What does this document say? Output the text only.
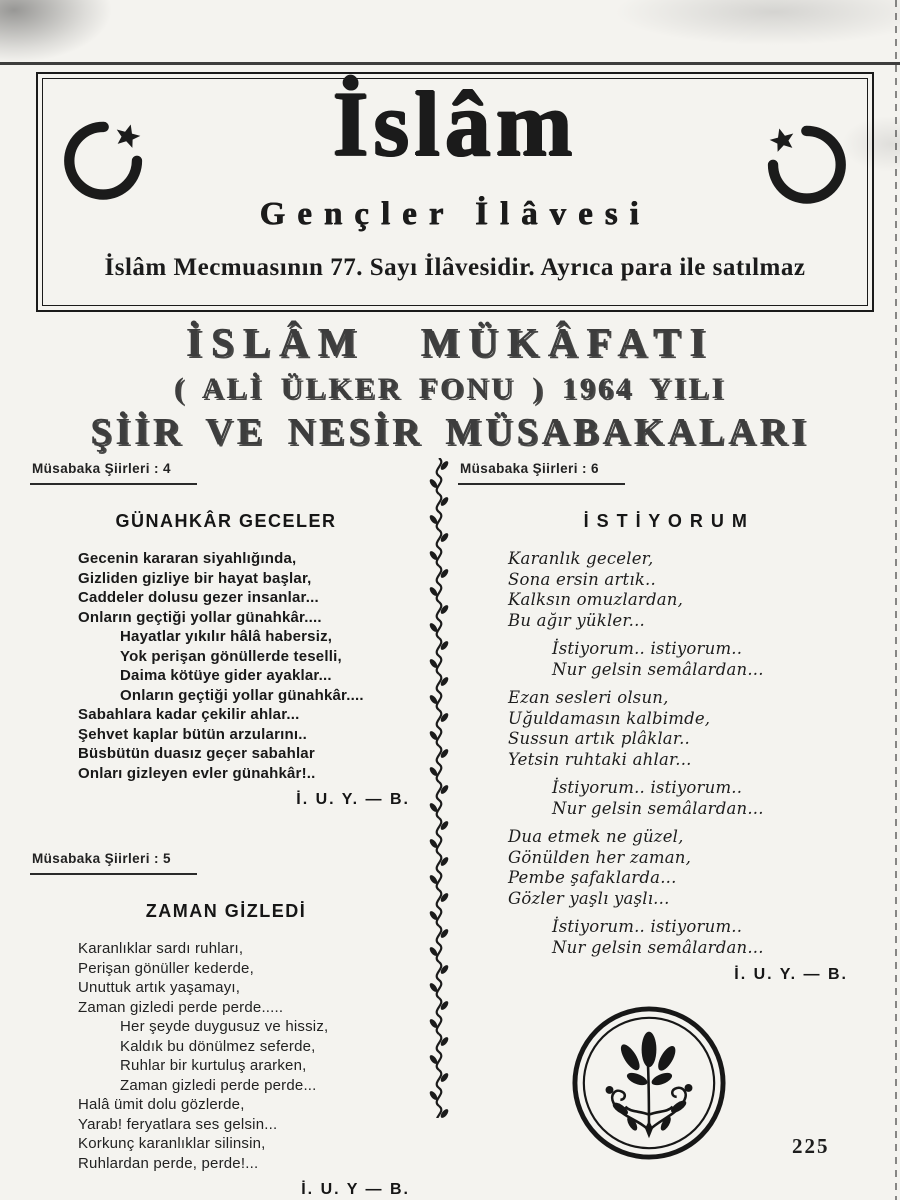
İslâm
Gençler İlâvesi
İslâm Mecmuasının 77. Sayı İlâvesidir. Ayrıca para ile satılmaz
İSLÂM MÜKÂFATI
( ALİ ÜLKER FONU ) 1964 YILI
ŞİİR VE NESİR MÜSABAKALARI
Müsabaka Şiirleri : 4
GÜNAHKÂR GECELER
Gecenin kararan siyahlığında,
Gizliden gizliye bir hayat başlar,
Caddeler dolusu gezer insanlar...
Onların geçtiği yollar günahkâr....
Hayatlar yıkılır hâlâ habersiz,
Yok perişan gönüllerde teselli,
Daima kötüye gider ayaklar...
Onların geçtiği yollar günahkâr....
Sabahlara kadar çekilir ahlar...
Şehvet kaplar bütün arzularını..
Büsbütün duasız geçer sabahlar
Onları gizleyen evler günahkâr!..
İ. U. Y. — B.
Müsabaka Şiirleri : 5
ZAMAN GİZLEDİ
Karanlıklar sardı ruhları,
Perişan gönüller kederde,
Unuttuk artık yaşamayı,
Zaman gizledi perde perde.....
Her şeyde duygusuz ve hissiz,
Kaldık bu dönülmez seferde,
Ruhlar bir kurtuluş ararken,
Zaman gizledi perde perde...
Halâ ümit dolu gözlerde,
Yarab! feryatlara ses gelsin...
Korkunç karanlıklar silinsin,
Ruhlardan perde, perde!...
İ. U. Y — B.
Müsabaka Şiirleri : 6
İ S T İ Y O R U M
Karanlık geceler,
Sona ersin artık..
Kalksın omuzlardan,
Bu ağır yükler...
İstiyorum.. istiyorum..
Nur gelsin semâlardan...
Ezan sesleri olsun,
Uğuldamasın kalbimde,
Sussun artık plâklar..
Yetsin ruhtaki ahlar...
İstiyorum.. istiyorum..
Nur gelsin semâlardan...
Dua etmek ne güzel,
Gönülden her zaman,
Pembe şafaklarda...
Gözler yaşlı yaşlı...
İstiyorum.. istiyorum..
Nur gelsin semâlardan...
İ. U. Y. — B.
225
